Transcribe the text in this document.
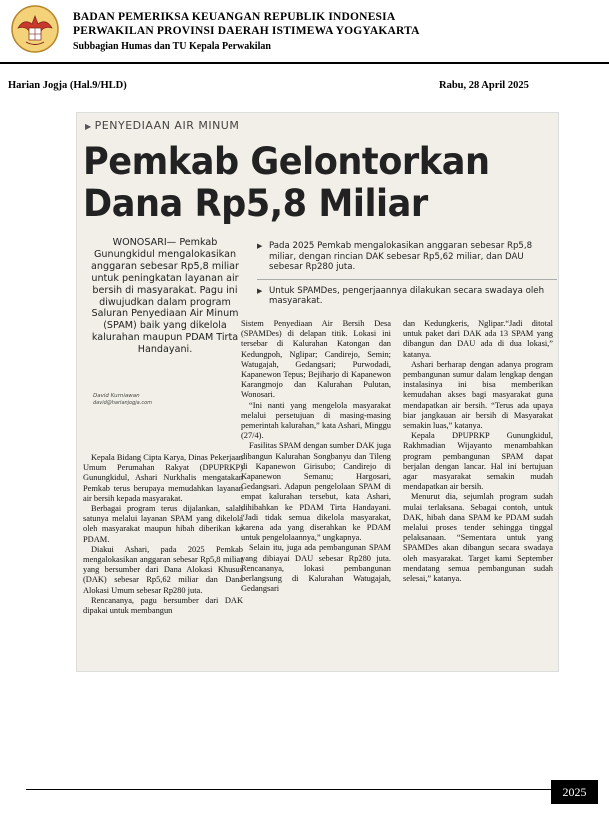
BADAN PEMERIKSA KEUANGAN REPUBLIK INDONESIA
PERWAKILAN PROVINSI DAERAH ISTIMEWA YOGYAKARTA
Subbagian Humas dan TU Kepala Perwakilan
Harian Jogja (Hal.9/HLD)	Rabu, 28 April 2025
▶ PENYEDIAAN AIR MINUM
Pemkab Gelontorkan Dana Rp5,8 Miliar
WONOSARI— Pemkab Gunungkidul mengalokasikan anggaran sebesar Rp5,8 miliar untuk peningkatan layanan air bersih di masyarakat. Pagu ini diwujudkan dalam program Saluran Penyediaan Air Minum (SPAM) baik yang dikelola kalurahan maupun PDAM Tirta Handayani.
David Kurniawan
david@harianjogja.com
▶ Pada 2025 Pemkab mengalokasikan anggaran sebesar Rp5,8 miliar, dengan rincian DAK sebesar Rp5,62 miliar, dan DAU sebesar Rp280 juta.
▶ Untuk SPAMDes, pengerjaannya dilakukan secara swadaya oleh masyarakat.

Kepala Bidang Cipta Karya, Dinas Pekerjaan Umum Perumahan Rakyat (DPUPRKP) Gunungkidul, Ashari Nurkhalis mengatakan Pemkab terus berupaya memudahkan layanan air bersih kepada masyarakat.

Berbagai program terus dijalankan, salah satunya melalui layanan SPAM yang dikelola oleh masyarakat maupun hibah diberikan ke PDAM.

Diakui Ashari, pada 2025 Pemkab mengalokasikan anggaran sebesar Rp5,8 miliar yang bersumber dari Dana Alokasi Khusus (DAK) sebesar Rp5,62 miliar dan Dana Alokasi Umum sebesar Rp280 juta.

Rencananya, pagu bersumber dari DAK dipakai untuk membangun

Sistem Penyediaan Air Bersih Desa (SPAMDes) di delapan titik. Lokasi ini tersebar di Kalurahan Katongan dan Kedungpoh, Nglipar; Candirejo, Semin; Watugajah, Gedangsari; Purwodadi, Kapanewon Tepus; Bejiharjo di Kapanewon Karangmojo dan Kalurahan Pulutan, Wonosari.

“Ini nanti yang mengelola masyarakat melalui persetujuan di masing-masing pemerintah kalurahan,” kata Ashari, Minggu (27/4).

Fasilitas SPAM dengan sumber DAK juga dibangun Kalurahan Songbanyu dan Tileng di Kapanewon Girisubo; Candirejo di Kapanewon Semanu; Hargosari, Gedangsari. Adapun pengelolaan SPAM di empat kalurahan tersebut, kata Ashari, dihibahkan ke PDAM Tirta Handayani. “Jadi tidak semua dikelola masyarakat, karena ada yang diserahkan ke PDAM untuk pengelolaannya,” ungkapnya.

Selain itu, juga ada pembangunan SPAM yang dibiayai DAU sebesar Rp280 juta. Rencananya, lokasi pembangunan berlangsung di Kalurahan Watugajah, Gedangsari

dan Kedungkeris, Nglipar.“Jadi ditotal untuk paket dari DAK ada 13 SPAM yang dibangun dan DAU ada di dua lokasi,” katanya.

Ashari berharap dengan adanya program pembangunan sumur dalam lengkap dengan instalasinya ini bisa memberikan kemudahan akses bagi masyarakat guna mendapatkan air bersih. “Terus ada upaya biar jangkauan air bersih di Masyarakat semakin luas,” katanya.

Kepala DPUPRKP Gunungkidul, Rakhmadian Wijayanto menambahkan program pembangunan SPAM dapat berjalan dengan lancar. Hal ini bertujuan agar masyarakat semakin mudah mendapatkan air bersih.

Menurut dia, sejumlah program sudah mulai terlaksana. Sebagai contoh, untuk DAK, hibah dana SPAM ke PDAM sudah melalui proses tender sehingga tinggal pelaksanaan. “Sementara untuk yang SPAMDes akan dibangun secara swadaya oleh masyarakat. Target kami September mendatang semua pembangunan sudah selesai,” katanya.

2025
